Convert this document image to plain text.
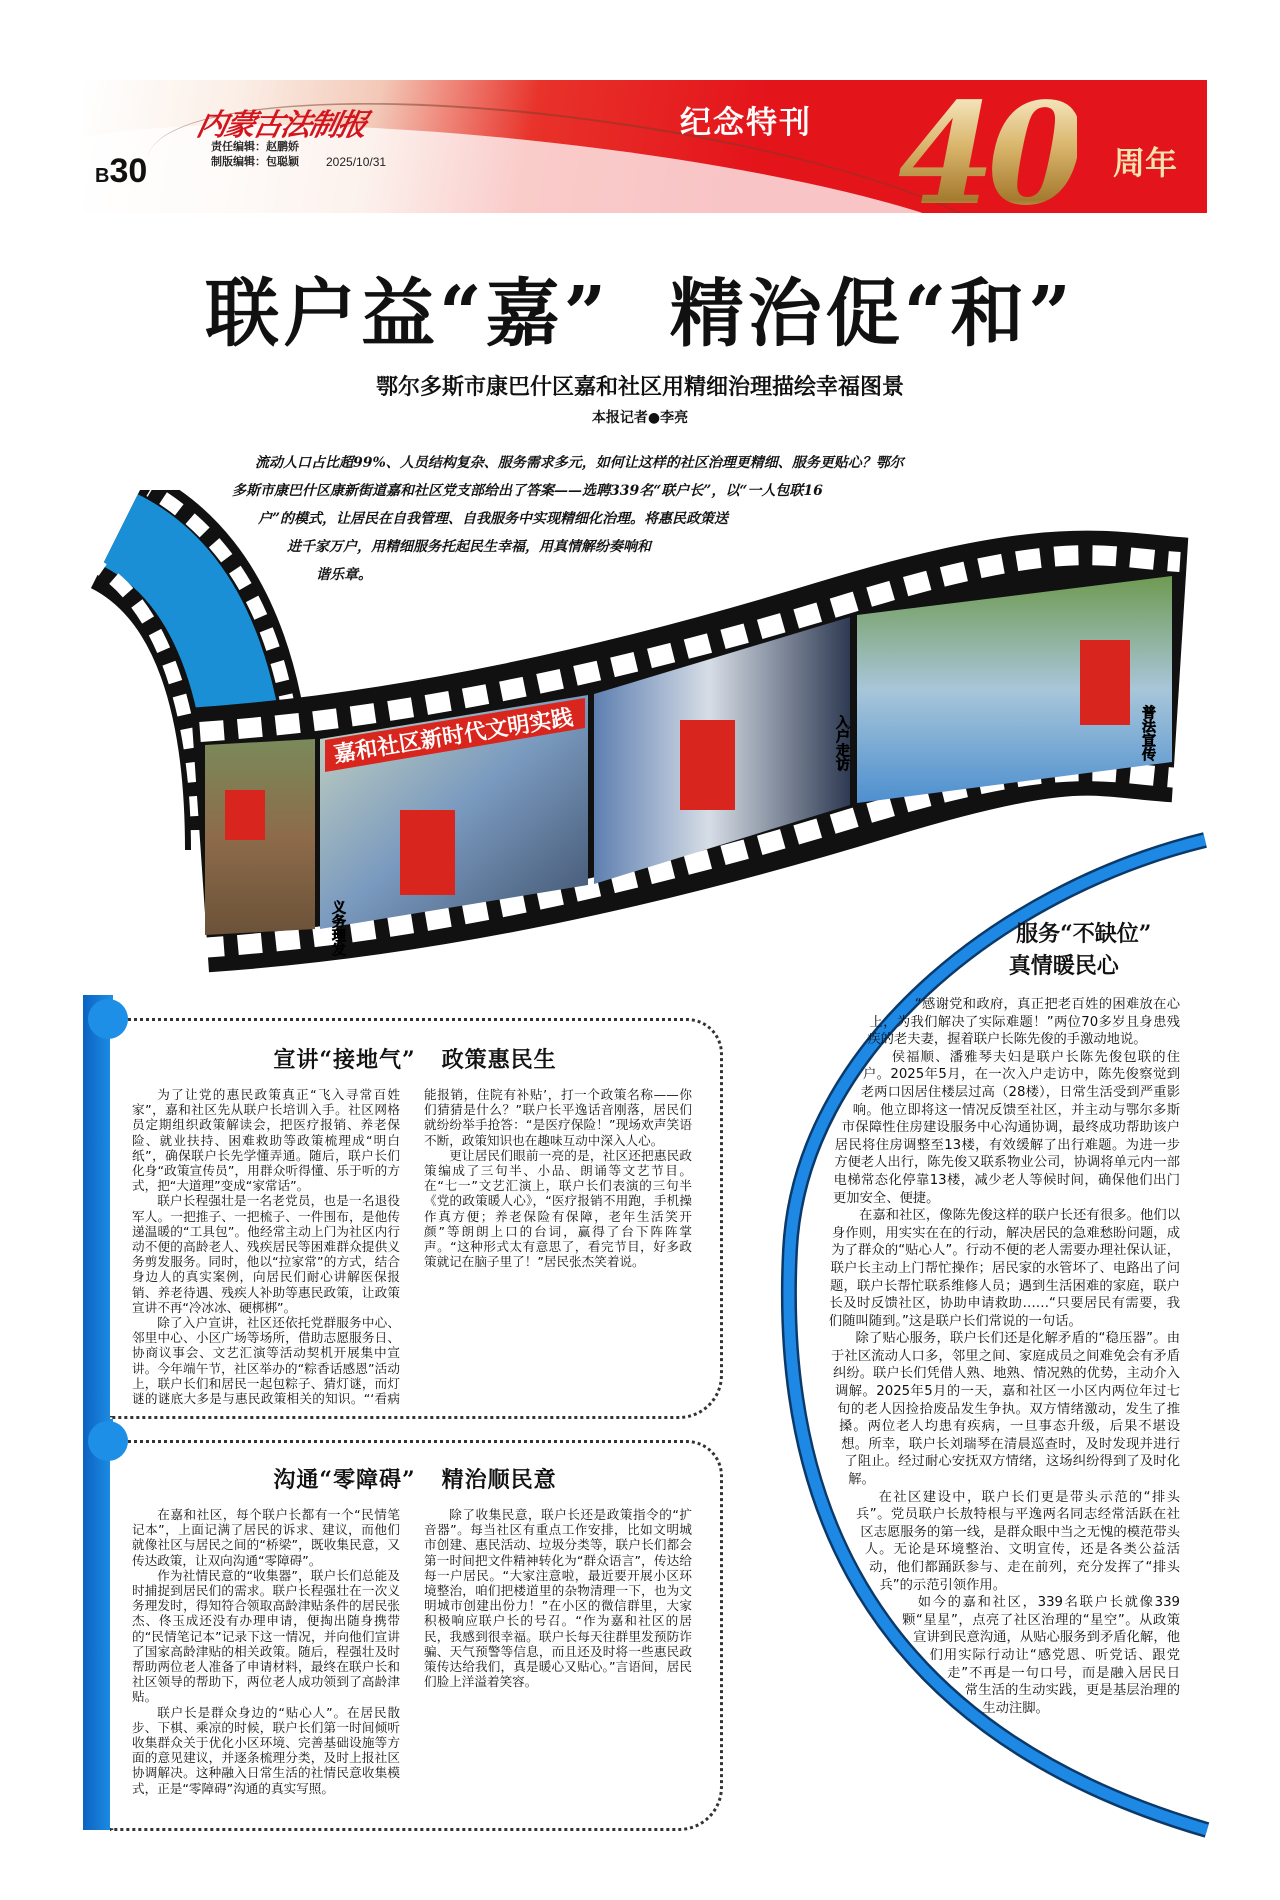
内蒙古法制报
B30
责任编辑：赵鹏娇
制版编辑：包聪颖 2025/10/31
纪念特刊 40 周年
联户益“嘉”  精治促“和”
鄂尔多斯市康巴什区嘉和社区用精细治理描绘幸福图景
本报记者●李亮
流动人口占比超99%、人员结构复杂、服务需求多元，如何让这样的社区治理更精细、服务更贴心？鄂尔
多斯市康巴什区康新街道嘉和社区党支部给出了答案——选聘339名“联户长”，以“一人包联16
户”的模式，让居民在自我管理、自我服务中实现精细化治理。将惠民政策送
进千家万户，用精细服务托起民生幸福，用真情解纷奏响和
谐乐章。
嘉和社区新时代文明实践
义务理发
入户走访	普法宣传
宣讲“接地气”   政策惠民生

为了让党的惠民政策真正“飞入寻常百姓家”，嘉和社区先从联户长培训入手。社区网格员定期组织政策解读会，把医疗报销、养老保险、就业扶持、困难救助等政策梳理成“明白纸”，确保联户长先学懂弄通。随后，联户长们化身“政策宣传员”，用群众听得懂、乐于听的方式，把“大道理”变成“家常话”。

联户长程强壮是一名老党员，也是一名退役军人。一把推子、一把梳子、一件围布，是他传递温暖的“工具包”。他经常主动上门为社区内行动不便的高龄老人、残疾居民等困难群众提供义务剪发服务。同时，他以“拉家常”的方式，结合身边人的真实案例，向居民们耐心讲解医保报销、养老待遇、残疾人补助等惠民政策，让政策宣讲不再“冷冰冰、硬梆梆”。

除了入户宣讲，社区还依托党群服务中心、邻里中心、小区广场等场所，借助志愿服务日、协商议事会、文艺汇演等活动契机开展集中宣讲。今年端午节，社区举办的“粽香话感恩”活动上，联户长们和居民一起包粽子、猜灯谜，而灯谜的谜底大多是与惠民政策相关的知识。“‘看病能报销，住院有补贴’，打一个政策名称——你们猜猜是什么？”联户长平逸话音刚落，居民们就纷纷举手抢答：“是医疗保险！”现场欢声笑语不断，政策知识也在趣味互动中深入人心。

更让居民们眼前一亮的是，社区还把惠民政策编成了三句半、小品、朗诵等文艺节目。在“七一”文艺汇演上，联户长们表演的三句半《党的政策暖人心》，“医疗报销不用跑，手机操作真方便；养老保险有保障，老年生活笑开颜”等朗朗上口的台词，赢得了台下阵阵掌声。“这种形式太有意思了，看完节目，好多政策就记在脑子里了！”居民张杰笑着说。

沟通“零障碍”   精治顺民意

在嘉和社区，每个联户长都有一个“民情笔记本”，上面记满了居民的诉求、建议，而他们就像社区与居民之间的“桥梁”，既收集民意，又传达政策，让双向沟通“零障碍”。

作为社情民意的“收集器”，联户长们总能及时捕捉到居民们的需求。联户长程强壮在一次义务理发时，得知符合领取高龄津贴条件的居民张杰、佟玉成还没有办理申请，便掏出随身携带的“民情笔记本”记录下这一情况，并向他们宣讲了国家高龄津贴的相关政策。随后，程强壮及时帮助两位老人准备了申请材料，最终在联户长和社区领导的帮助下，两位老人成功领到了高龄津贴。

联户长是群众身边的“贴心人”。在居民散步、下棋、乘凉的时候，联户长们第一时间倾听收集群众关于优化小区环境、完善基础设施等方面的意见建议，并逐条梳理分类，及时上报社区协调解决。这种融入日常生活的社情民意收集模式，正是“零障碍”沟通的真实写照。

除了收集民意，联户长还是政策指令的“扩音器”。每当社区有重点工作安排，比如文明城市创建、惠民活动、垃圾分类等，联户长们都会第一时间把文件精神转化为“群众语言”，传达给每一户居民。“大家注意啦，最近要开展小区环境整治，咱们把楼道里的杂物清理一下，也为文明城市创建出份力！”在小区的微信群里，大家积极响应联户长的号召。“作为嘉和社区的居民，我感到很幸福。联户长每天往群里发预防诈骗、天气预警等信息，而且还及时将一些惠民政策传达给我们，真是暖心又贴心。”言语间，居民们脸上洋溢着笑容。

服务“不缺位”
真情暖民心

“感谢党和政府，真正把老百姓的困难放在心上，为我们解决了实际难题！”两位70多岁且身患残疾的老夫妻，握着联户长陈先俊的手激动地说。

侯福顺、潘雅琴夫妇是联户长陈先俊包联的住户。2025年5月，在一次入户走访中，陈先俊察觉到老两口因居住楼层过高（28楼），日常生活受到严重影响。他立即将这一情况反馈至社区，并主动与鄂尔多斯市保障性住房建设服务中心沟通协调，最终成功帮助该户居民将住房调整至13楼，有效缓解了出行难题。为进一步方便老人出行，陈先俊又联系物业公司，协调将单元内一部电梯常态化停靠13楼，减少老人等候时间，确保他们出门更加安全、便捷。

在嘉和社区，像陈先俊这样的联户长还有很多。他们以身作则，用实实在在的行动，解决居民的急难愁盼问题，成为了群众的“贴心人”。行动不便的老人需要办理社保认证，联户长主动上门帮忙操作；居民家的水管坏了、电路出了问题，联户长帮忙联系维修人员；遇到生活困难的家庭，联户长及时反馈社区，协助申请救助……“只要居民有需要，我们随叫随到。”这是联户长们常说的一句话。

除了贴心服务，联户长们还是化解矛盾的“稳压器”。由于社区流动人口多，邻里之间、家庭成员之间难免会有矛盾纠纷。联户长们凭借人熟、地熟、情况熟的优势，主动介入调解。2025年5月的一天，嘉和社区一小区内两位年过七旬的老人因捡拾废品发生争执。双方情绪激动，发生了推搡。两位老人均患有疾病，一旦事态升级，后果不堪设想。所幸，联户长刘瑞琴在清晨巡查时，及时发现并进行了阻止。经过耐心安抚双方情绪，这场纠纷得到了及时化解。

在社区建设中，联户长们更是带头示范的“排头兵”。党员联户长敖特根与平逸两名同志经常活跃在社区志愿服务的第一线，是群众眼中当之无愧的模范带头人。无论是环境整治、文明宣传，还是各类公益活动，他们都踊跃参与、走在前列，充分发挥了“排头兵”的示范引领作用。

如今的嘉和社区，339名联户长就像339颗“星星”，点亮了社区治理的“星空”。从政策宣讲到民意沟通，从贴心服务到矛盾化解，他们用实际行动让“感党恩、听党话、跟党走”不再是一句口号，而是融入居民日常生活的生动实践，更是基层治理的生动注脚。
